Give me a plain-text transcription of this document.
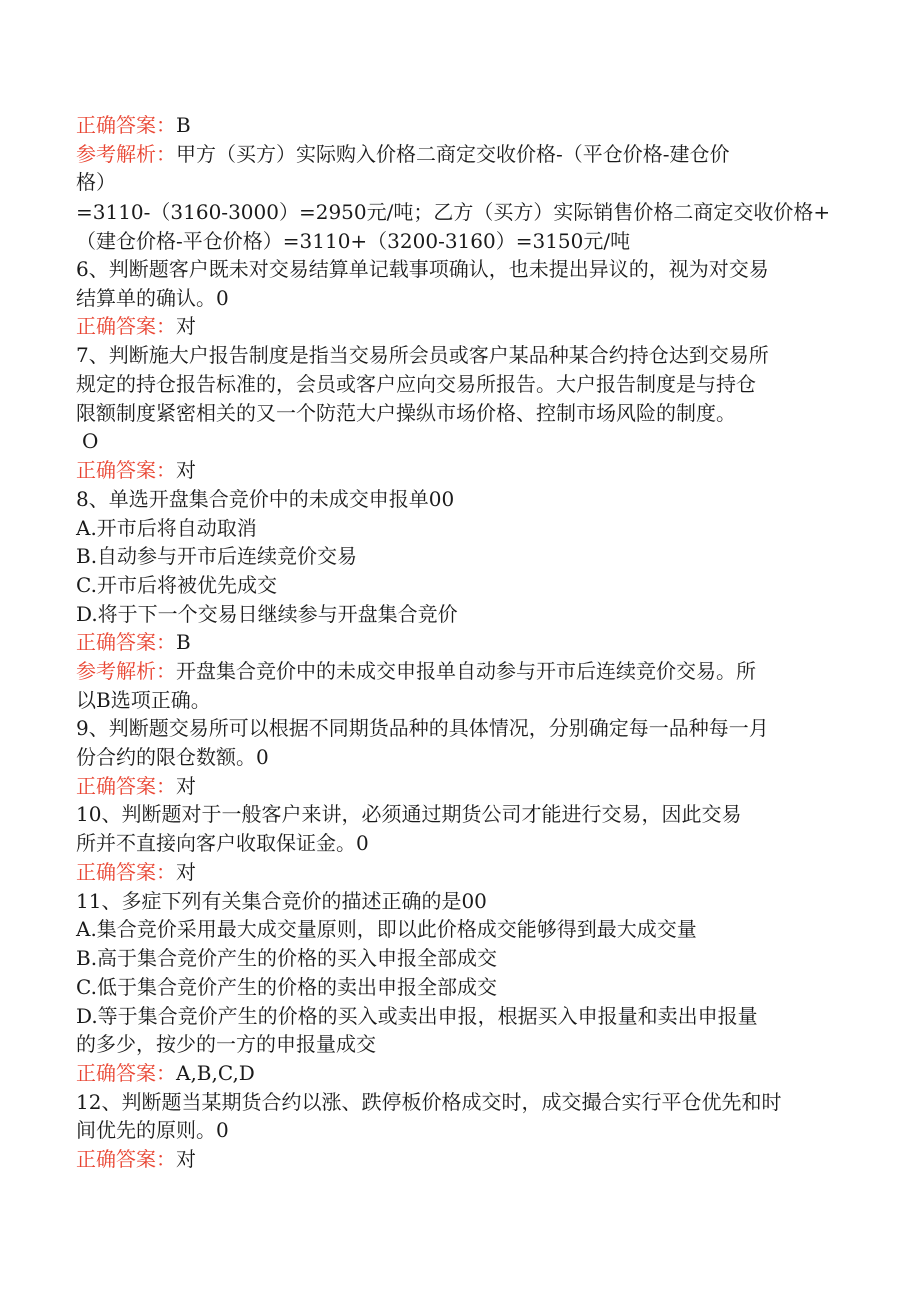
正确答案：B
参考解析：甲方（买方）实际购入价格二商定交收价格-（平仓价格-建仓价
格）
=3110-（3160-3000）=2950元/吨；乙方（买方）实际销售价格二商定交收价格+
（建仓价格-平仓价格）=3110+（3200-3160）=3150元/吨
6、判断题客户既未对交易结算单记载事项确认，也未提出异议的，视为对交易
结算单的确认。0
正确答案：对
7、判断施大户报告制度是指当交易所会员或客户某品种某合约持仓达到交易所
规定的持仓报告标准的，会员或客户应向交易所报告。大户报告制度是与持仓
限额制度紧密相关的又一个防范大户操纵市场价格、控制市场风险的制度。
O
正确答案：对
8、单选开盘集合竞价中的未成交申报单00
A.开市后将自动取消
B.自动参与开市后连续竞价交易
C.开市后将被优先成交
D.将于下一个交易日继续参与开盘集合竞价
正确答案：B
参考解析：开盘集合竞价中的未成交申报单自动参与开市后连续竞价交易。所
以B选项正确。
9、判断题交易所可以根据不同期货品种的具体情况，分别确定每一品种每一月
份合约的限仓数额。0
正确答案：对
10、判断题对于一般客户来讲，必须通过期货公司才能进行交易，因此交易
所并不直接向客户收取保证金。0
正确答案：对
11、多症下列有关集合竞价的描述正确的是00
A.集合竞价采用最大成交量原则，即以此价格成交能够得到最大成交量
B.高于集合竞价产生的价格的买入申报全部成交
C.低于集合竞价产生的价格的卖出申报全部成交
D.等于集合竞价产生的价格的买入或卖出申报，根据买入申报量和卖出申报量
的多少，按少的一方的申报量成交
正确答案：A,B,C,D
12、判断题当某期货合约以涨、跌停板价格成交时，成交撮合实行平仓优先和时
间优先的原则。0
正确答案：对
